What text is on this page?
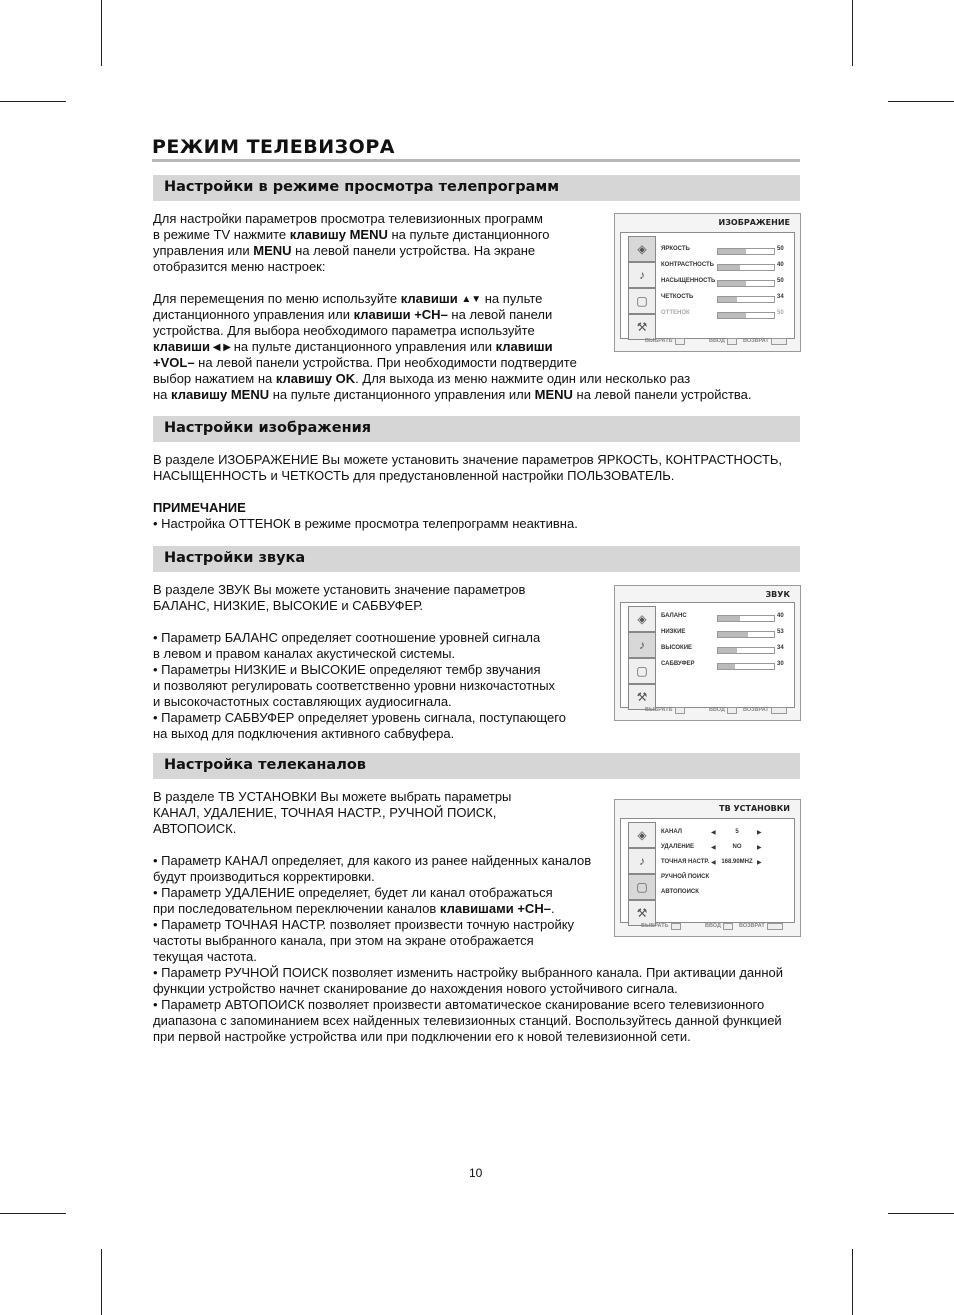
РЕЖИМ ТЕЛЕВИЗОРА
Настройки в режиме просмотра телепрограмм
Настройки изображения
Настройки звука
Настройка телеканалов
Для настройки параметров просмотра телевизионных программ
в режиме TV нажмите клавишу MENU на пульте дистанционного
управления или MENU на левой панели устройства. На экране
отобразится меню настроек:
Для перемещения по меню используйте клавиши ▲▼ на пульте
дистанционного управления или клавиши +CH– на левой панели
устройства. Для выбора необходимого параметра используйте
клавиши ◀ ▶ на пульте дистанционного управления или клавиши
+VOL– на левой панели устройства. При необходимости подтвердите
выбор нажатием на клавишу OK. Для выхода из меню нажмите один или несколько раз
на клавишу MENU на пульте дистанционного управления или MENU на левой панели устройства.
В разделе ИЗОБРАЖЕНИЕ Вы можете установить значение параметров ЯРКОСТЬ, КОНТРАСТНОСТЬ,
НАСЫЩЕННОСТЬ и ЧЕТКОСТЬ для предустановленной настройки ПОЛЬЗОВАТЕЛЬ.
ПРИМЕЧАНИЕ
• Настройка ОТТЕНОК в режиме просмотра телепрограмм неактивна.
В разделе ЗВУК Вы можете установить значение параметров
БАЛАНС, НИЗКИЕ, ВЫСОКИЕ и САБВУФЕР.
• Параметр БАЛАНС определяет соотношение уровней сигнала
в левом и правом каналах акустической системы.
• Параметры НИЗКИЕ и ВЫСОКИЕ определяют тембр звучания
и позволяют регулировать соответственно уровни низкочастотных
и высокочастотных составляющих аудиосигнала.
• Параметр САБВУФЕР определяет уровень сигнала, поступающего
на выход для подключения активного сабвуфера.
В разделе ТВ УСТАНОВКИ Вы можете выбрать параметры
КАНАЛ, УДАЛЕНИЕ, ТОЧНАЯ НАСТР., РУЧНОЙ ПОИСК,
АВТОПОИСК.
• Параметр КАНАЛ определяет, для какого из ранее найденных каналов
будут производиться корректировки.
• Параметр УДАЛЕНИЕ определяет, будет ли канал отображаться
при последовательном переключении каналов клавишами +CH–.
• Параметр ТОЧНАЯ НАСТР. позволяет произвести точную настройку
частоты выбранного канала, при этом на экране отображается
текущая частота.
• Параметр РУЧНОЙ ПОИСК позволяет изменить настройку выбранного канала. При активации данной
функции устройство начнет сканирование до нахождения нового устойчивого сигнала.
• Параметр АВТОПОИСК позволяет произвести автоматическое сканирование всего телевизионного
диапазона с запоминанием всех найденных телевизионных станций. Воспользуйтесь данной функцией
при первой настройке устройства или при подключении его к новой телевизионной сети.
ИЗОБРАЖЕНИЕ
◈
♪
▢
⚒
ЯРКОСТЬ	50
КОНТРАСТНОСТЬ	40
НАСЫЩЕННОСТЬ	50
ЧЕТКОСТЬ	34
ОТТЕНОК	50
ВЫБРАТЬ	ВВОД	ВОЗВРАТ
ЗВУК
◈
♪
▢
⚒
БАЛАНС	40
НИЗКИЕ	53
ВЫСОКИЕ	34
САБВУФЕР	30
ВЫБРАТЬ	ВВОД	ВОЗВРАТ
ТВ УСТАНОВКИ
◈
♪
▢
⚒
КАНАЛ	◀	5	▶
УДАЛЕНИЕ	◀	NO	▶
ТОЧНАЯ НАСТР. ◀ 168.90MHZ ▶
РУЧНОЙ ПОИСК
АВТОПОИСК
ВЫБРАТЬ	ВВОД	ВОЗВРАТ
10
